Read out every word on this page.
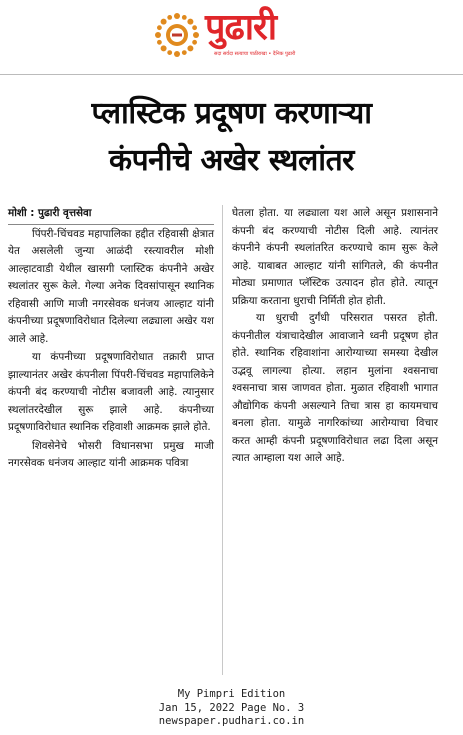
पुढारी
सदा सर्वदा सत्याचा पाठीराखा • दैनिक पुढारी
प्लास्टिक प्रदूषण करणाऱ्या
कंपनीचे अखेर स्थलांतर
मोशी : पुढारी वृत्तसेवा

पिंपरी-चिंचवड महापालिका हद्दीत रहिवासी क्षेत्रात येत असलेली जुन्या आळंदी रस्त्यावरील मोशी आल्हाटवाडी येथील खासगी प्लास्टिक कंपनीने अखेर स्थलांतर सुरू केले. गेल्या अनेक दिवसांपासून स्थानिक रहिवासी आणि माजी नगरसेवक धनंजय आल्हाट यांनी कंपनीच्या प्रदूषणाविरोधात दिलेल्या लढ्याला अखेर यश आले आहे.

या कंपनीच्या प्रदूषणाविरोधात तक्रारी प्राप्त झाल्यानंतर अखेर कंपनीला पिंपरी-चिंचवड महापालिकेने कंपनी बंद करण्याची नोटीस बजावली आहे. त्यानुसार स्थलांतरदेखील सुरू झाले आहे. कंपनीच्या प्रदूषणाविरोधात स्थानिक रहिवाशी आक्रमक झाले होते.

शिवसेनेचे भोसरी विधानसभा प्रमुख माजी नगरसेवक धनंजय आल्हाट यांनी आक्रमक पवित्रा

घेतला होता. या लढ्याला यश आले असून प्रशासनाने कंपनी बंद करण्याची नोटीस दिली आहे. त्यानंतर कंपनीने कंपनी स्थलांतरित करण्याचे काम सुरू केले आहे. याबाबत आल्हाट यांनी सांगितले, की कंपनीत मोठ्या प्रमाणात प्लॅस्टिक उत्पादन होत होते. त्यातून प्रक्रिया करताना धुराची निर्मिती होत होती.

या धुराची दुर्गंधी परिसरात पसरत होती. कंपनीतील यंत्राचादेखील आवाजाने ध्वनी प्रदूषण होत होते. स्थानिक रहिवाशांना आरोग्याच्या समस्या देखील उद्भवू लागल्या होत्या. लहान मुलांना श्वसनाचा श्वसनाचा त्रास जाणवत होता. मुळात रहिवाशी भागात औद्योगिक कंपनी असल्याने तिचा त्रास हा कायमचाच बनला होता. यामुळे नागरिकांच्या आरोग्याचा विचार करत आम्ही कंपनी प्रदूषणाविरोधात लढा दिला असून त्यात आम्हाला यश आले आहे.

My Pimpri Edition
Jan 15, 2022 Page No. 3
newspaper.pudhari.co.in
